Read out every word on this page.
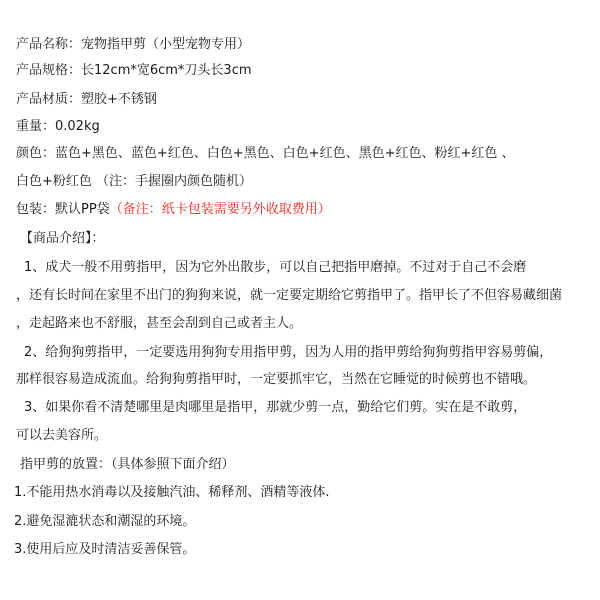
产品名称：宠物指甲剪（小型宠物专用）
产品规格：长12cm*宽6cm*刀头长3cm
产品材质：塑胶+不锈钢
重量：0.02kg
颜色：蓝色+黑色、蓝色+红色、白色+黑色、白色+红色、黑色+红色、粉红+红色 、
白色+粉红色 （注：手握圈内颜色随机）
包装：默认PP袋（备注：纸卡包装需要另外收取费用）
【商品介绍】：
1、成犬一般不用剪指甲，因为它外出散步，可以自己把指甲磨掉。不过对于自己不会磨
，还有长时间在家里不出门的狗狗来说，就一定要定期给它剪指甲了。指甲长了不但容易藏细菌
，走起路来也不舒服，甚至会刮到自己或者主人。
2、给狗狗剪指甲，一定要选用狗狗专用指甲剪，因为人用的指甲剪给狗狗剪指甲容易剪偏，
那样很容易造成流血。给狗狗剪指甲时，一定要抓牢它，当然在它睡觉的时候剪也不错哦。
3、如果你看不清楚哪里是肉哪里是指甲，那就少剪一点，勤给它们剪。实在是不敢剪，
可以去美容所。
指甲剪的放置：（具体参照下面介绍）
1.不能用热水消毒以及接触汽油、稀释剂、酒精等液体.
2.避免湿漉状态和潮湿的环境。
3.使用后应及时清洁妥善保管。
